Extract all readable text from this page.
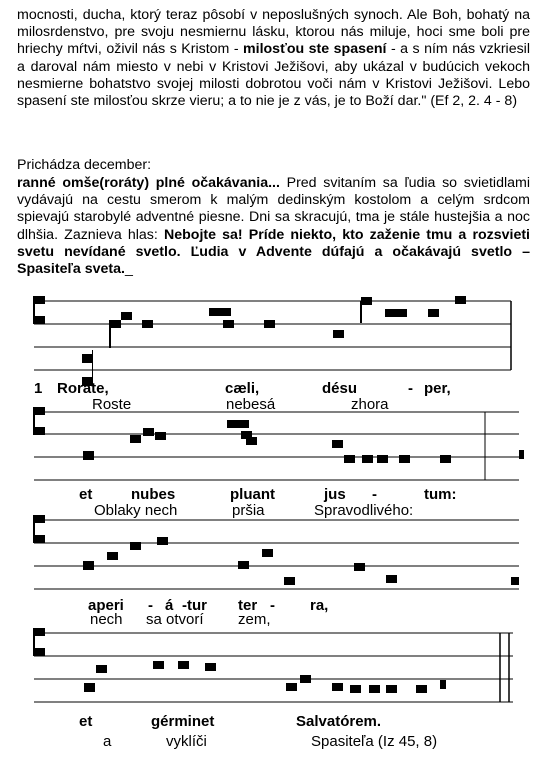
mocnosti, ducha, ktorý teraz pôsobí v neposlušných synoch. Ale Boh, bohatý na milosrdenstvo, pre svoju nesmiernu lásku, ktorou nás miluje, hoci sme boli pre hriechy mŕtvi, oživil nás s Kristom - milosťou ste spasení - a s ním nás vzkriesil a daroval nám miesto v nebi v Kristovi Ježišovi, aby ukázal v budúcich vekoch nesmierne bohatstvo svojej milosti dobrotou voči nám v Kristovi Ježišovi. Lebo spasení ste milosťou skrze vieru; a to nie je z vás, je to Boží dar." (Ef 2, 2. 4 - 8)
Prichádza december:
ranné omše(roráty) plné očakávania... Pred svitaním sa ľudia so svietidlami vydávajú na cestu smerom k malým dedinským kostolom a celým srdcom spievajú starobylé adventné piesne. Dni sa skracujú, tma je stále hustejšia a noc dlhšia. Zaznieva hlas: Nebojte sa! Príde niekto, kto zaženie tmu a rozsvieti svetu nevídané svetlo. Ľudia v Advente dúfajú a očakávajú svetlo – Spasiteľa sveta._
1 Roráte,	cæli,	désu	- per,
Roste	nebesá	zhora
et	nubes	pluant	jus -	tum:
Oblaky nech	pršia	Spravodlivého:
aperi - á -tur ter - ra,
nech sa otvorí zem,
et	gérminet	Salvatórem.
a	vyklíči	Spasiteľa (Iz 45, 8)
